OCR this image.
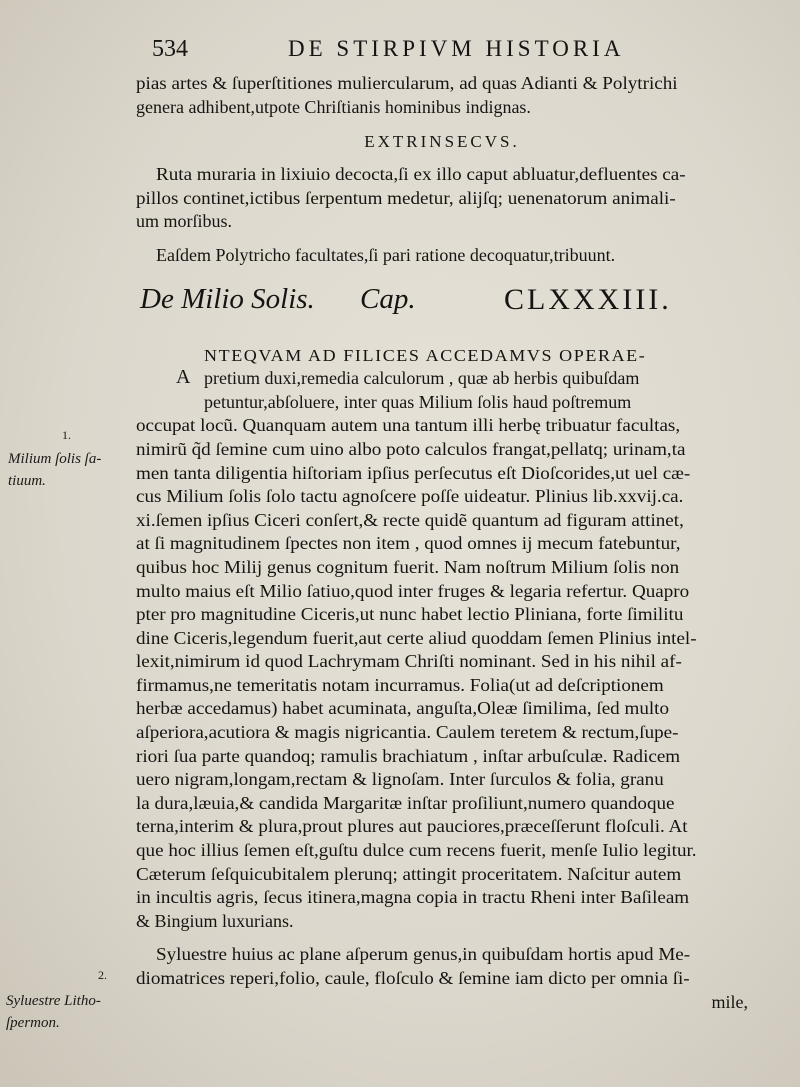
534	DE STIRPIVM HISTORIA
pias artes & ſuperſtitiones muliercularum, ad quas Adianti & Polytrichi
genera adhibent,utpote Chriſtianis hominibus indignas.
EXTRINSECVS.
Ruta muraria in lixiuio decocta,ſi ex illo caput abluatur,defluentes ca-
pillos continet,ictibus ſerpentum medetur, alijſq; uenenatorum animali-
um morſibus.
Eaſdem Polytricho facultates,ſi pari ratione decoquatur,tribuunt.
De Milio Solis. Cap.	CLXXXIII.
A
NTEQVAM AD FILICES ACCEDAMVS OPERAE-
pretium duxi,remedia calculorum , quæ ab herbis quibuſdam
petuntur,abſoluere, inter quas Milium ſolis haud poſtremum
occupat locũ. Quanquam autem una tantum illi herbę tribuatur facultas,
nimirũ q̃d ſemine cum uino albo poto calculos frangat,pellatq; urinam,ta
men tanta diligentia hiſtoriam ipſius perſecutus eſt Dioſcorides,ut uel cæ-
cus Milium ſolis ſolo tactu agnoſcere poſſe uideatur. Plinius lib.xxvij.ca.
xi.ſemen ipſius Ciceri conſert,& recte quidẽ quantum ad figuram attinet,
at ſi magnitudinem ſpectes non item , quod omnes ij mecum fatebuntur,
quibus hoc Milij genus cognitum fuerit. Nam noſtrum Milium ſolis non
multo maius eſt Milio ſatiuo,quod inter fruges & legaria refertur. Quapro
pter pro magnitudine Ciceris,ut nunc habet lectio Pliniana, forte ſimilitu
dine Ciceris,legendum fuerit,aut certe aliud quoddam ſemen Plinius intel-
lexit,nimirum id quod Lachrymam Chriſti nominant. Sed in his nihil af-
firmamus,ne temeritatis notam incurramus. Folia(ut ad deſcriptionem
herbæ accedamus) habet acuminata, anguſta,Oleæ ſimilima, ſed multo
aſperiora,acutiora & magis nigricantia. Caulem teretem & rectum,ſupe-
riori ſua parte quandoq; ramulis brachiatum , inſtar arbuſculæ. Radicem
uero nigram,longam,rectam & lignoſam. Inter ſurculos & folia, granu
la dura,læuia,& candida Margaritæ inſtar proſiliunt,numero quandoque
terna,interim & plura,prout plures aut pauciores,præceſſerunt floſculi. At
que hoc illius ſemen eſt,guſtu dulce cum recens fuerit, menſe Iulio legitur.
Cæterum ſeſquicubitalem plerunq; attingit proceritatem. Naſcitur autem
in incultis agris, ſecus itinera,magna copia in tractu Rheni inter Baſileam
& Bingium luxurians.
Syluestre huius ac plane aſperum genus,in quibuſdam hortis apud Me-
diomatrices reperi,folio, caule, floſculo & ſemine iam dicto per omnia ſi-
mile,
1.
Milium ſolis ſa-
tiuum.
2.
Syluestre Litho-
ſpermon.
